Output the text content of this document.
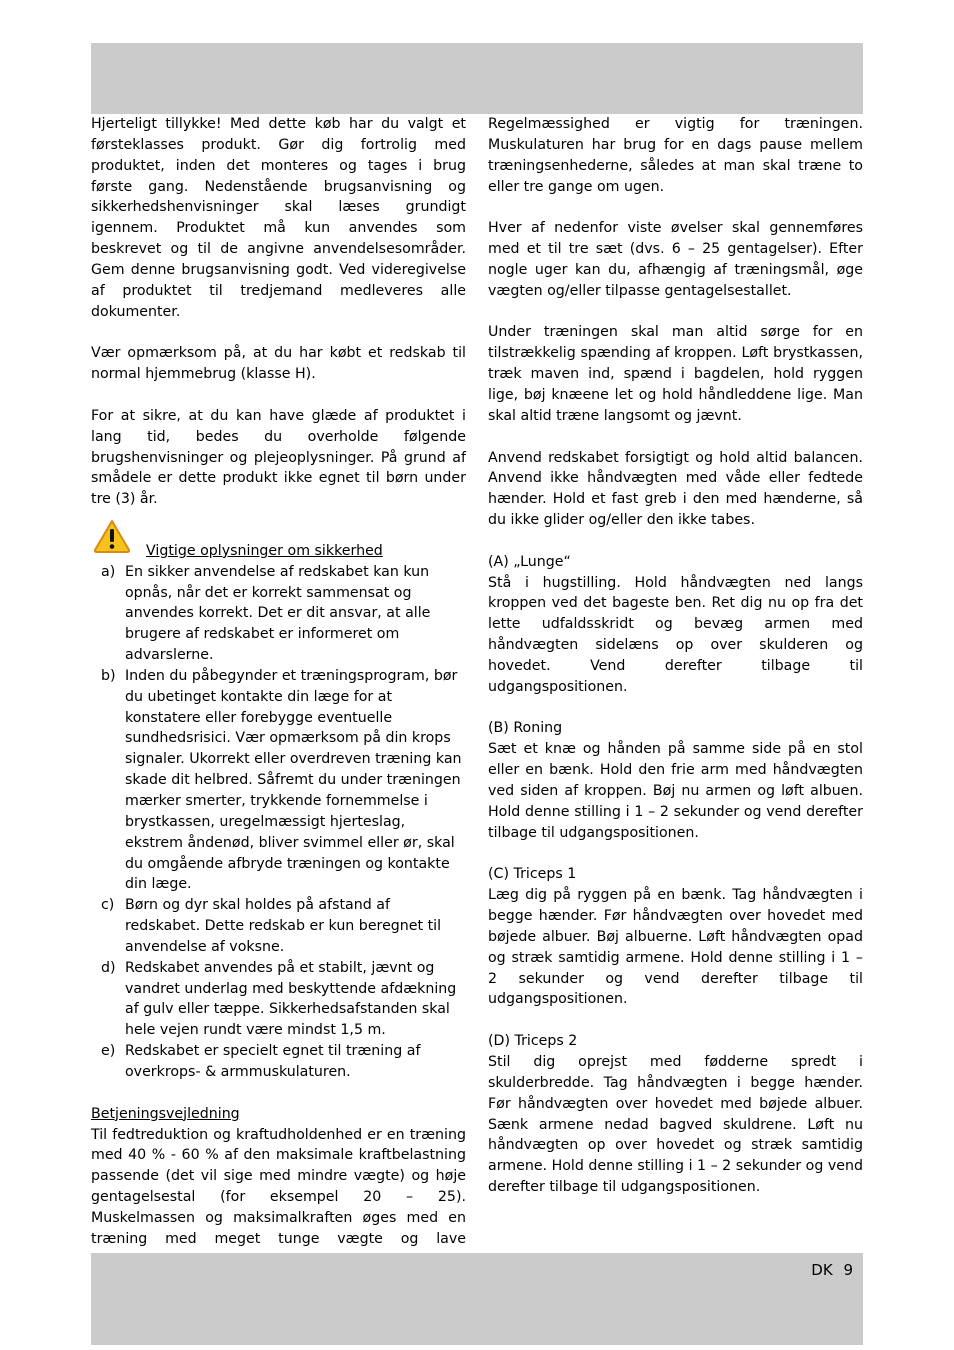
Hjerteligt tillykke! Med dette køb har du valgt et førsteklasses produkt. Gør dig fortrolig med produktet, inden det monteres og tages i brug første gang. Nedenstående brugsanvisning og sikkerhedshenvisninger skal læses grundigt igennem. Produktet må kun anvendes som beskrevet og til de angivne anvendelsesområder. Gem denne brugsanvisning godt. Ved videregivelse af produktet til tredjemand medleveres alle dokumenter.

Vær opmærksom på, at du har købt et redskab til normal hjemmebrug (klasse H).

For at sikre, at du kan have glæde af produktet i lang tid, bedes du overholde følgende brugshenvisninger og plejeoplysninger. På grund af smådele er dette produkt ikke egnet til børn under tre (3) år.

Vigtige oplysninger om sikkerhed
a) En sikker anvendelse af redskabet kan kun opnås, når det er korrekt sammensat og anvendes korrekt. Det er dit ansvar, at alle brugere af redskabet er informeret om advarslerne.
b) Inden du påbegynder et træningsprogram, bør du ubetinget kontakte din læge for at konstatere eller forebygge eventuelle sundhedsrisici. Vær opmærksom på din krops signaler. Ukorrekt eller overdreven træning kan skade dit helbred. Såfremt du under træningen mærker smerter, trykkende fornemmelse i brystkassen, uregelmæssigt hjerteslag, ekstrem åndenød, bliver svimmel eller ør, skal du omgående afbryde træningen og kontakte din læge.
c) Børn og dyr skal holdes på afstand af redskabet. Dette redskab er kun beregnet til anvendelse af voksne.
d) Redskabet anvendes på et stabilt, jævnt og vandret underlag med beskyttende afdækning af gulv eller tæppe. Sikkerhedsafstanden skal hele vejen rundt være mindst 1,5 m.
e) Redskabet er specielt egnet til træning af overkrops- & armmuskulaturen.

Betjeningsvejledning

Til fedtreduktion og kraftudholdenhed er en træning med 40 % - 60 % af den maksimale kraftbelastning passende (det vil sige med mindre vægte) og høje gentagelsestal (for eksempel 20 – 25). Muskelmassen og maksimalkraften øges med en træning med meget tunge vægte og lave

Regelmæssighed er vigtig for træningen. Muskulaturen har brug for en dags pause mellem træningsenhederne, således at man skal træne to eller tre gange om ugen.

Hver af nedenfor viste øvelser skal gennemføres med et til tre sæt (dvs. 6 – 25 gentagelser). Efter nogle uger kan du, afhængig af træningsmål, øge vægten og/eller tilpasse gentagelsestallet.

Under træningen skal man altid sørge for en tilstrækkelig spænding af kroppen. Løft brystkassen, træk maven ind, spænd i bagdelen, hold ryggen lige, bøj knæene let og hold håndleddene lige. Man skal altid træne langsomt og jævnt.

Anvend redskabet forsigtigt og hold altid balancen. Anvend ikke håndvægten med våde eller fedtede hænder. Hold et fast greb i den med hænderne, så du ikke glider og/eller den ikke tabes.

(A) „Lunge“

Stå i hugstilling. Hold håndvægten ned langs kroppen ved det bageste ben. Ret dig nu op fra det lette udfaldsskridt og bevæg armen med håndvægten sidelæns op over skulderen og hovedet. Vend derefter tilbage til udgangspositionen.

(B) Roning

Sæt et knæ og hånden på samme side på en stol eller en bænk. Hold den frie arm med håndvægten ved siden af kroppen. Bøj nu armen og løft albuen. Hold denne stilling i 1 – 2 sekunder og vend derefter tilbage til udgangspositionen.

(C) Triceps 1

Læg dig på ryggen på en bænk. Tag håndvægten i begge hænder. Før håndvægten over hovedet med bøjede albuer. Bøj albuerne. Løft håndvægten opad og stræk samtidig armene. Hold denne stilling i 1 – 2 sekunder og vend derefter tilbage til udgangspositionen.

(D) Triceps 2

Stil dig oprejst med fødderne spredt i skulderbredde. Tag håndvægten i begge hænder. Før håndvægten over hovedet med bøjede albuer. Sænk armene nedad bagved skuldrene. Løft nu håndvægten op over hovedet og stræk samtidig armene. Hold denne stilling i 1 – 2 sekunder og vend derefter tilbage til udgangspositionen.

DK 9
